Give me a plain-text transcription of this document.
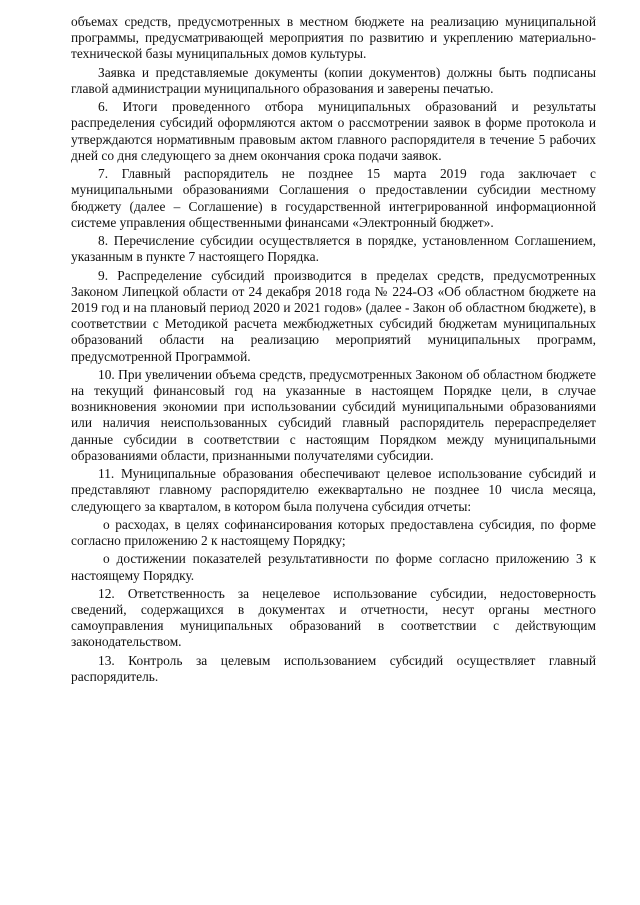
объемах средств, предусмотренных в местном бюджете на реализацию муниципальной программы, предусматривающей мероприятия по развитию и укреплению материально-технической базы муниципальных домов культуры.

Заявка и представляемые документы (копии документов) должны быть подписаны главой администрации муниципального образования и заверены печатью.

6. Итоги проведенного отбора муниципальных образований и результаты распределения субсидий оформляются актом о рассмотрении заявок в форме протокола и утверждаются нормативным правовым актом главного распорядителя в течение 5 рабочих дней со дня следующего за днем окончания срока подачи заявок.

7. Главный распорядитель не позднее 15 марта 2019 года заключает с муниципальными образованиями Соглашения о предоставлении субсидии местному бюджету (далее – Соглашение) в государственной интегрированной информационной системе управления общественными финансами «Электронный бюджет».

8. Перечисление субсидии осуществляется в порядке, установленном Соглашением, указанным в пункте 7 настоящего Порядка.

9. Распределение субсидий производится в пределах средств, предусмотренных Законом Липецкой области от 24 декабря 2018 года № 224-ОЗ «Об областном бюджете на 2019 год и на плановый период 2020 и 2021 годов» (далее - Закон об областном бюджете), в соответствии с Методикой расчета межбюджетных субсидий бюджетам муниципальных образований области на реализацию мероприятий муниципальных программ, предусмотренной Программой.

10. При увеличении объема средств, предусмотренных Законом об областном бюджете на текущий финансовый год на указанные в настоящем Порядке цели, в случае возникновения экономии при использовании субсидий муниципальными образованиями или наличия неиспользованных субсидий главный распорядитель перераспределяет данные субсидии в соответствии с настоящим Порядком между муниципальными образованиями области, признанными получателями субсидии.

11. Муниципальные образования обеспечивают целевое использование субсидий и представляют главному распорядителю ежеквартально не позднее 10 числа месяца, следующего за кварталом, в котором была получена субсидия отчеты:

о расходах, в целях софинансирования которых предоставлена субсидия, по форме согласно приложению 2 к настоящему Порядку;

о достижении показателей результативности по форме согласно приложению 3 к настоящему Порядку.

12. Ответственность за нецелевое использование субсидии, недостоверность сведений, содержащихся в документах и отчетности, несут органы местного самоуправления муниципальных образований в соответствии с действующим законодательством.

13. Контроль за целевым использованием субсидий осуществляет главный распорядитель.
